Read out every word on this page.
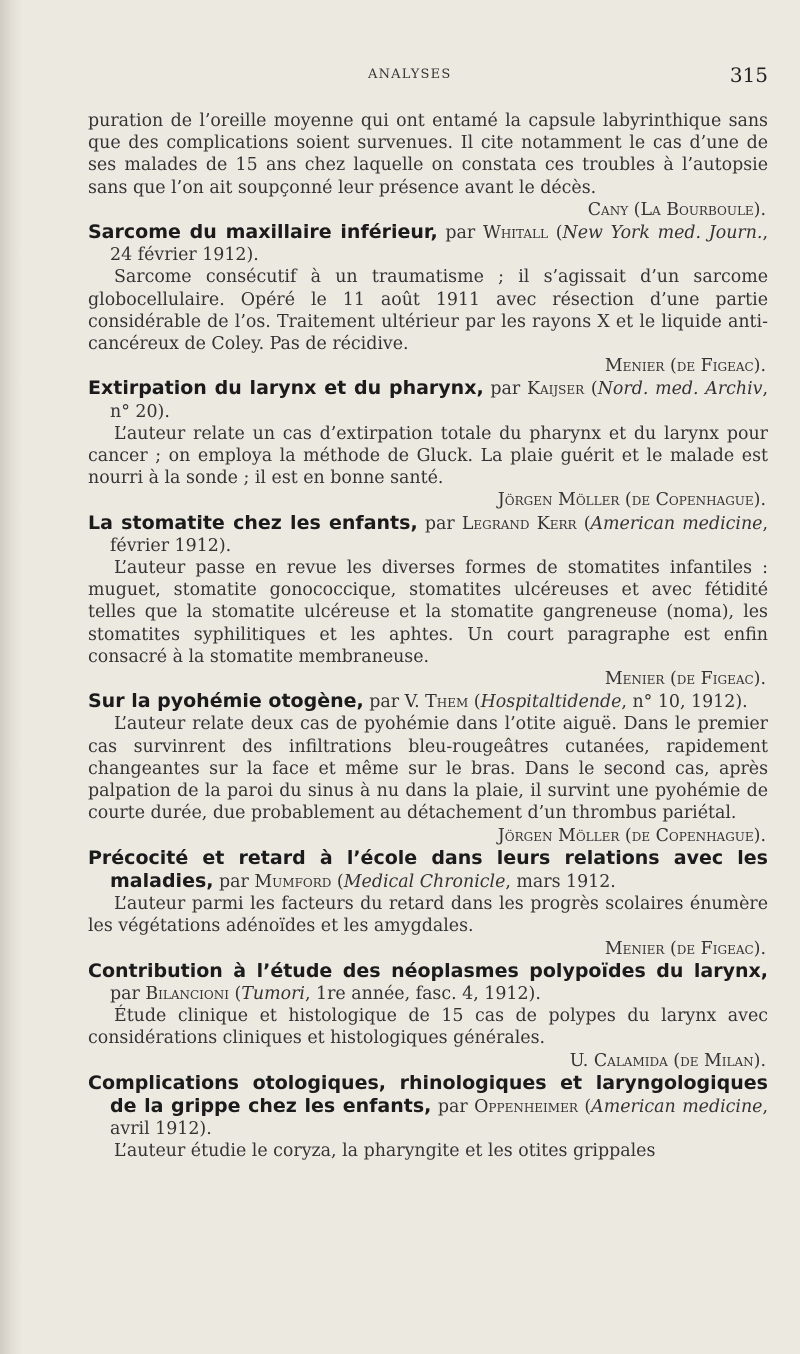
ANALYSES	315

puration de l’oreille moyenne qui ont entamé la capsule labyrinthique sans que des complications soient survenues. Il cite notamment le cas d’une de ses malades de 15 ans chez laquelle on constata ces troubles à l’autopsie sans que l’on ait soupçonné leur présence avant le décès.

Cany (La Bourboule).

Sarcome du maxillaire inférieur, par Whitall (New York med. Journ., 24 février 1912).

Sarcome consécutif à un traumatisme ; il s’agissait d’un sarcome globocellulaire. Opéré le 11 août 1911 avec résection d’une partie considérable de l’os. Traitement ultérieur par les rayons X et le liquide anti-cancéreux de Coley. Pas de récidive.

Menier (de Figeac).

Extirpation du larynx et du pharynx, par Kaijser (Nord. med. Archiv, n° 20).

L’auteur relate un cas d’extirpation totale du pharynx et du larynx pour cancer ; on employa la méthode de Gluck. La plaie guérit et le malade est nourri à la sonde ; il est en bonne santé.

Jörgen Möller (de Copenhague).

La stomatite chez les enfants, par Legrand Kerr (American medicine, février 1912).

L’auteur passe en revue les diverses formes de stomatites infantiles : muguet, stomatite gonococcique, stomatites ulcéreuses et avec fétidité telles que la stomatite ulcéreuse et la stomatite gangreneuse (noma), les stomatites syphilitiques et les aphtes. Un court paragraphe est enfin consacré à la stomatite membraneuse.

Menier (de Figeac).

Sur la pyohémie otogène, par V. Them (Hospitaltidende, n° 10, 1912).

L’auteur relate deux cas de pyohémie dans l’otite aiguë. Dans le premier cas survinrent des infiltrations bleu-rougeâtres cutanées, rapidement changeantes sur la face et même sur le bras. Dans le second cas, après palpation de la paroi du sinus à nu dans la plaie, il survint une pyohémie de courte durée, due probablement au détachement d’un thrombus pariétal.

Jörgen Möller (de Copenhague).

Précocité et retard à l’école dans leurs relations avec les maladies, par Mumford (Medical Chronicle, mars 1912.

L’auteur parmi les facteurs du retard dans les progrès scolaires énumère les végétations adénoïdes et les amygdales.

Menier (de Figeac).

Contribution à l’étude des néoplasmes polypoïdes du larynx, par Bilancioni (Tumori, 1re année, fasc. 4, 1912).

Étude clinique et histologique de 15 cas de polypes du larynx avec considérations cliniques et histologiques générales.

U. Calamida (de Milan).

Complications otologiques, rhinologiques et laryngologiques de la grippe chez les enfants, par Oppenheimer (American medicine, avril 1912).

L’auteur étudie le coryza, la pharyngite et les otites grippales
